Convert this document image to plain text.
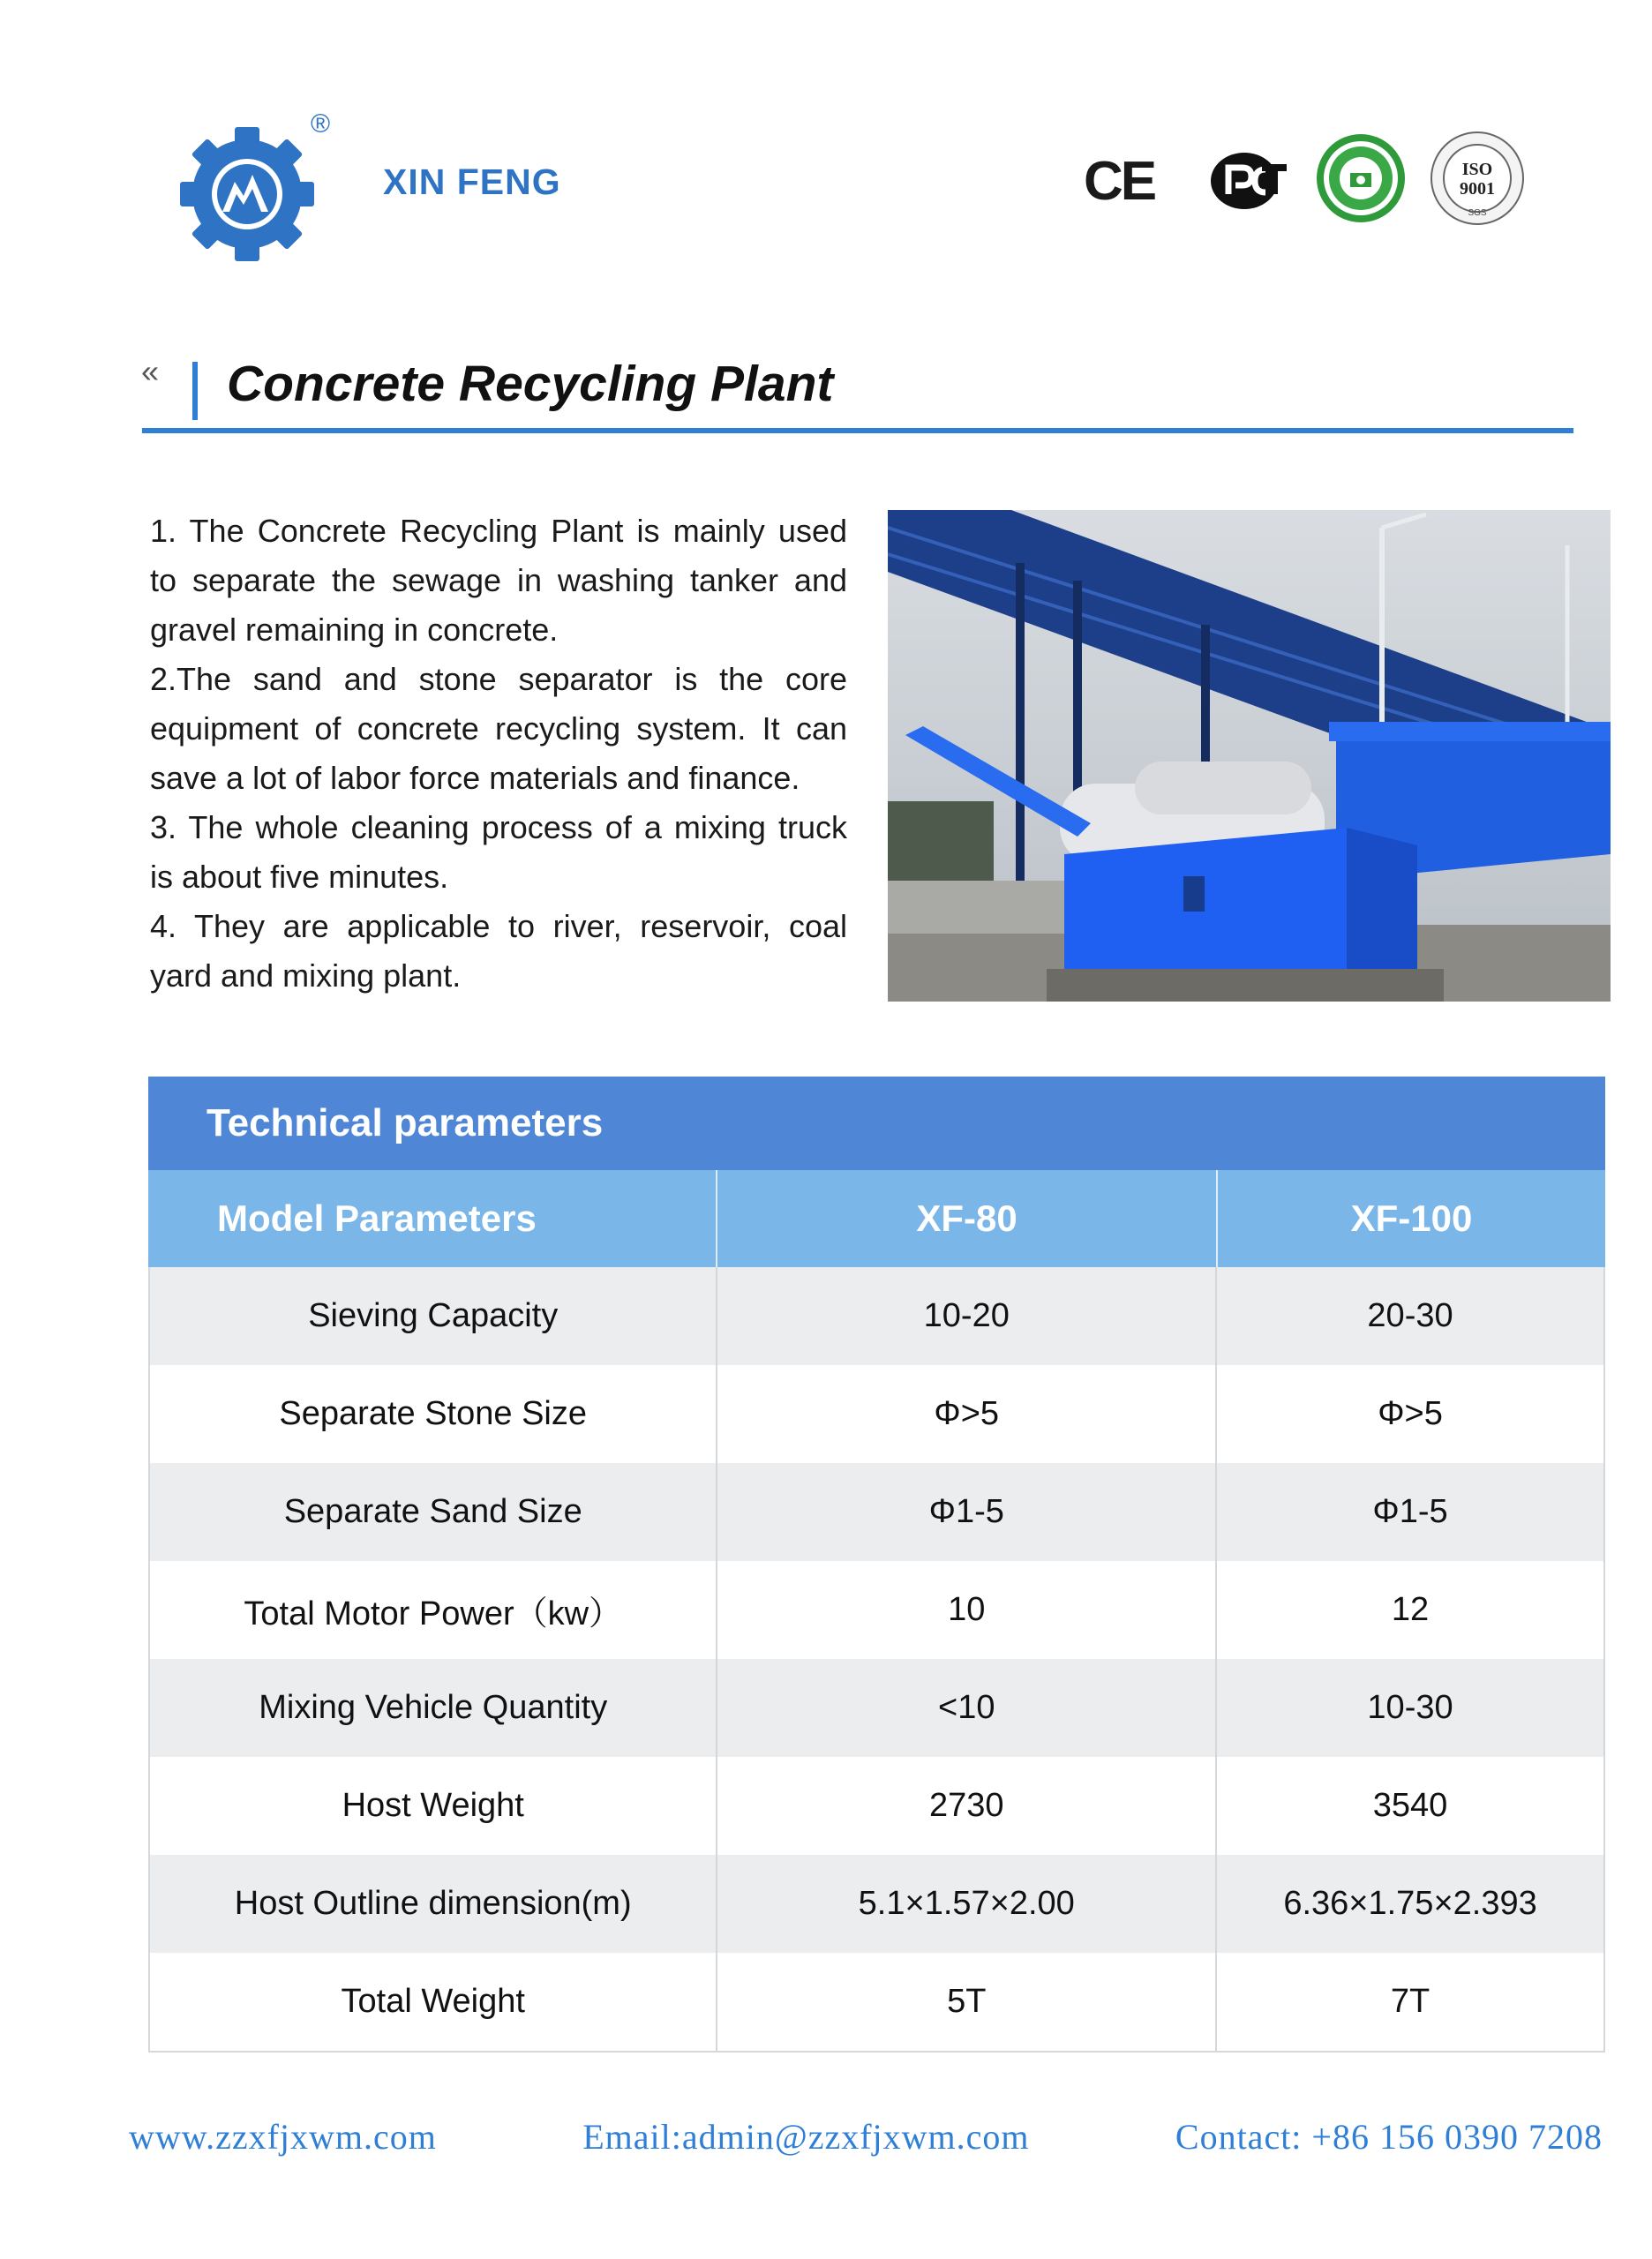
®
XIN FENG	CE	ISO
9001
SGS
« Concrete Recycling Plant

1. The Concrete Recycling Plant is mainly used to separate the sewage in washing tanker and gravel remaining in concrete.

2.The sand and stone separator is the core equipment of concrete recycling system. It can save a lot of labor force materials and finance.

3. The whole cleaning process of a mixing truck is about five minutes.

4. They are applicable to river, reservoir, coal yard and mixing plant.

Technical parameters
Model Parameters	XF-80	XF-100
Sieving Capacity	10-20	20-30
Separate Stone Size	Φ>5	Φ>5
Separate Sand Size	Φ1-5	Φ1-5
Total Motor Power（kw）	10	12
Mixing Vehicle Quantity	<10	10-30
Host Weight	2730	3540
Host Outline dimension(m)	5.1×1.57×2.00	6.36×1.75×2.393
Total Weight	5T	7T
www.zzxfjxwm.com	Email:admin@zzxfjxwm.com	Contact: +86 156 0390 7208
